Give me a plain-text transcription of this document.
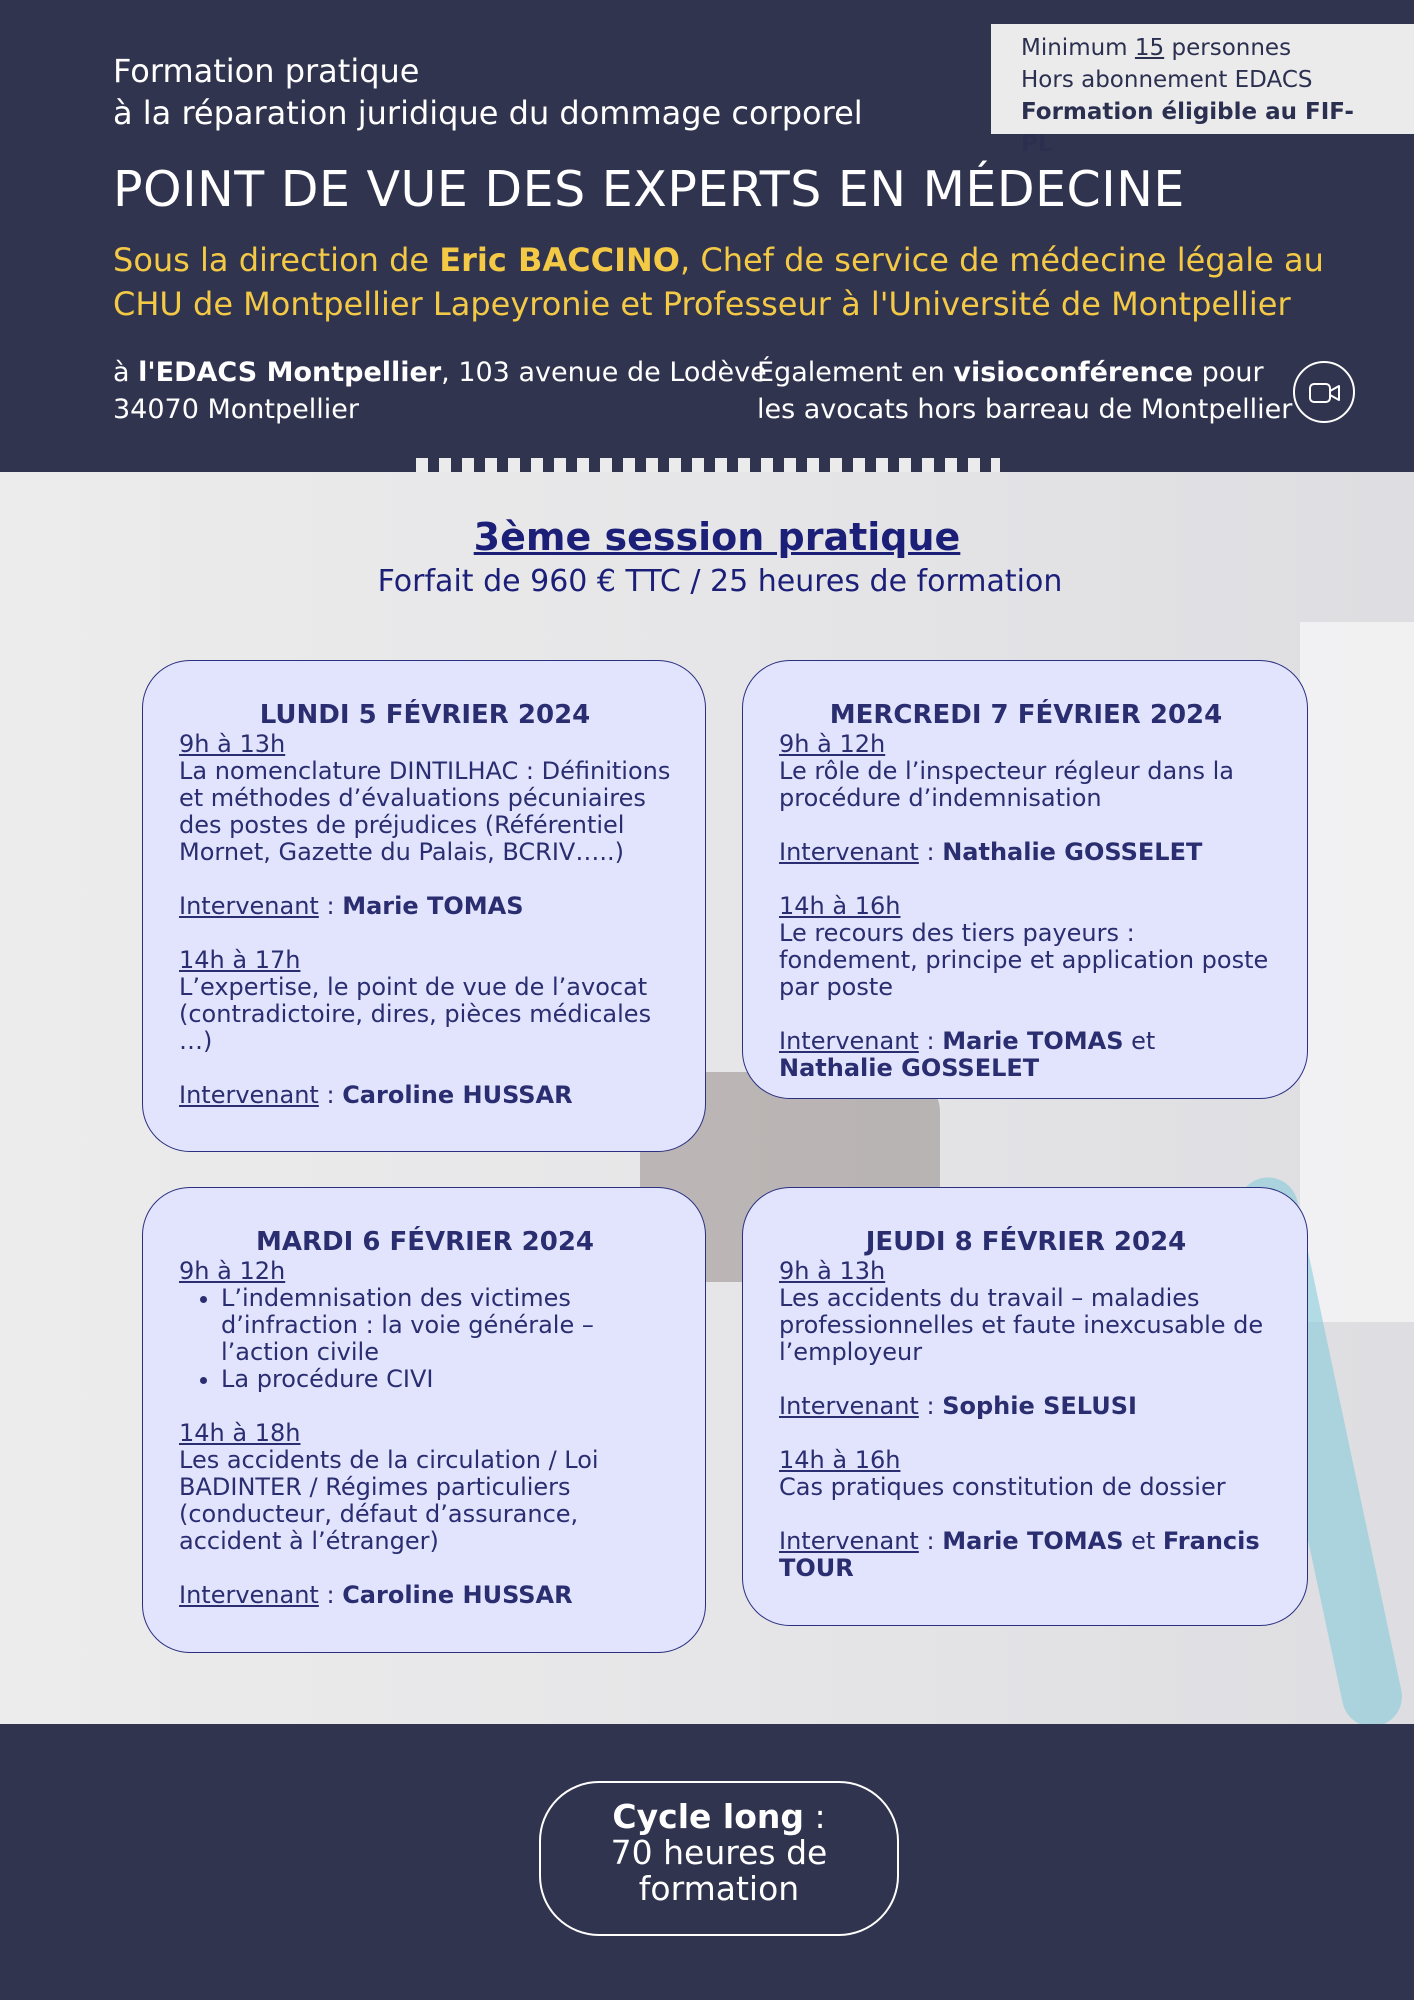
Formation pratique
à la réparation juridique du dommage corporel
POINT DE VUE DES EXPERTS EN MÉDECINE
Sous la direction de Eric BACCINO, Chef de service de médecine légale au CHU de Montpellier Lapeyronie et Professeur à l'Université de Montpellier
à l'EDACS Montpellier, 103 avenue de Lodève
34070 Montpellier
Également en visioconférence pour les avocats hors barreau de Montpellier
Minimum 15 personnes
Hors abonnement EDACS
Formation éligible au FIF-PL
3ème session pratique
Forfait de 960 € TTC / 25 heures de formation
LUNDI 5 FÉVRIER 2024
9h à 13h
La nomenclature DINTILHAC : Définitions et méthodes d’évaluations pécuniaires des postes de préjudices (Référentiel Mornet, Gazette du Palais, BCRIV…..)
Intervenant : Marie TOMAS
14h à 17h
L’expertise, le point de vue de l’avocat (contradictoire, dires, pièces médicales …)
Intervenant : Caroline HUSSAR
MERCREDI 7 FÉVRIER 2024
9h à 12h
Le rôle de l’inspecteur régleur dans la procédure d’indemnisation
Intervenant : Nathalie GOSSELET
14h à 16h
Le recours des tiers payeurs : fondement, principe et application poste par poste
Intervenant : Marie TOMAS et Nathalie GOSSELET
MARDI 6 FÉVRIER 2024
9h à 12h
• L’indemnisation des victimes d’infraction : la voie générale – l’action civile
• La procédure CIVI
14h à 18h
Les accidents de la circulation / Loi BADINTER / Régimes particuliers (conducteur, défaut d’assurance, accident à l’étranger)
Intervenant : Caroline HUSSAR
JEUDI 8 FÉVRIER 2024
9h à 13h
Les accidents du travail – maladies professionnelles et faute inexcusable de l’employeur
Intervenant : Sophie SELUSI
14h à 16h
Cas pratiques constitution de dossier
Intervenant : Marie TOMAS et Francis TOUR
Cycle long :
70 heures de formation
